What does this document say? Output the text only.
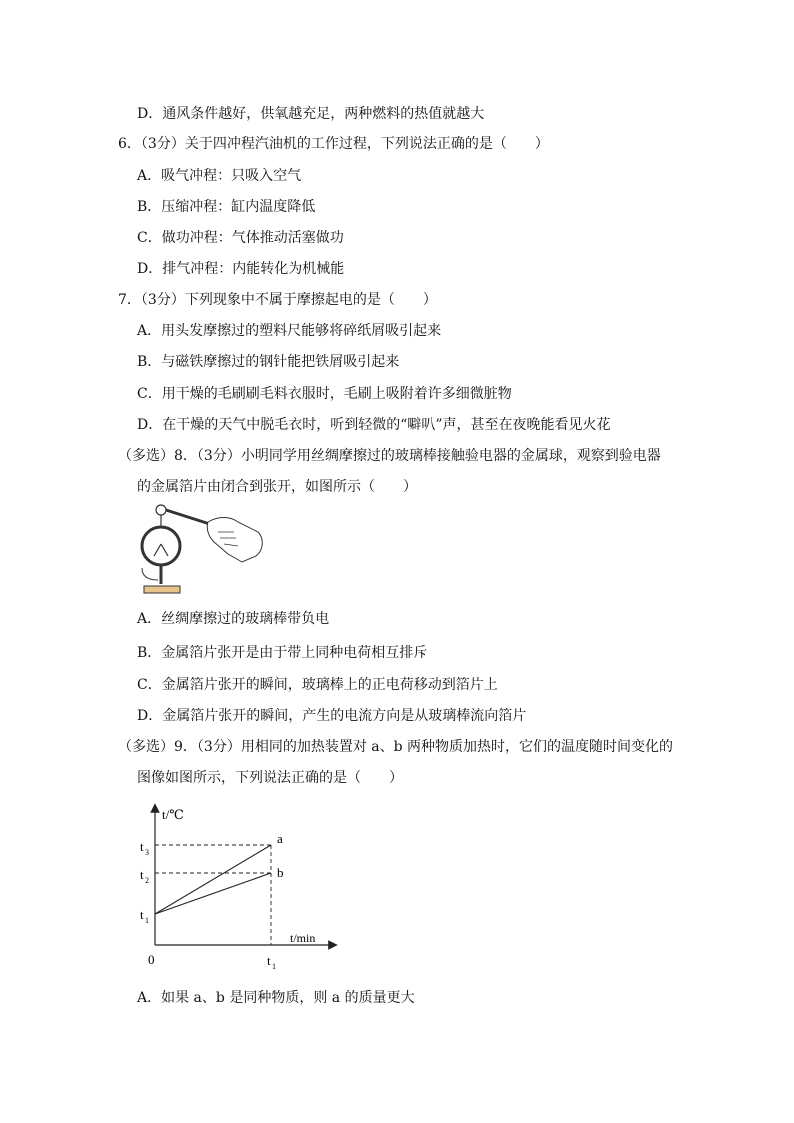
D．通风条件越好，供氧越充足，两种燃料的热值就越大
6．（3分）关于四冲程汽油机的工作过程，下列说法正确的是（　　）
A．吸气冲程：只吸入空气
B．压缩冲程：缸内温度降低
C．做功冲程：气体推动活塞做功
D．排气冲程：内能转化为机械能
7．（3分）下列现象中不属于摩擦起电的是（　　）
A．用头发摩擦过的塑料尺能够将碎纸屑吸引起来
B．与磁铁摩擦过的钢针能把铁屑吸引起来
C．用干燥的毛刷刷毛料衣服时，毛刷上吸附着许多细微脏物
D．在干燥的天气中脱毛衣时，听到轻微的“噼叭”声，甚至在夜晚能看见火花
（多选）8．（3分）小明同学用丝绸摩擦过的玻璃棒接触验电器的金属球，观察到验电器
的金属箔片由闭合到张开，如图所示（　　）
A．丝绸摩擦过的玻璃棒带负电
B．金属箔片张开是由于带上同种电荷相互排斥
C．金属箔片张开的瞬间，玻璃棒上的正电荷移动到箔片上
D．金属箔片张开的瞬间，产生的电流方向是从玻璃棒流向箔片
（多选）9．（3分）用相同的加热装置对 a、b 两种物质加热时，它们的温度随时间变化的
图像如图所示，下列说法正确的是（　　）
t/℃
t/min
0
a
b
t 3
t 2
t 1
t 1
A．如果 a、b 是同种物质，则 a 的质量更大
